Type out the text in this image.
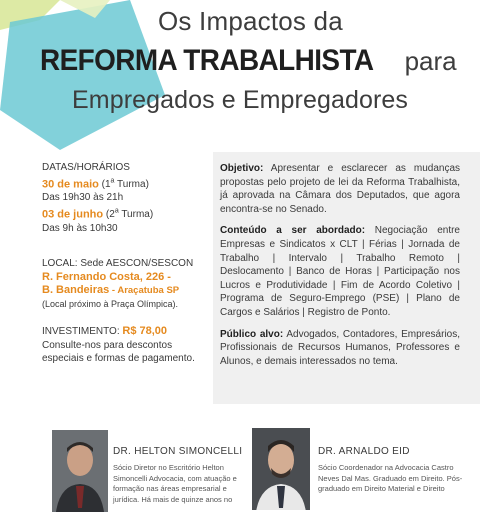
Os Impactos da
REFORMA TRABALHISTA para
Empregados e Empregadores
DATAS/HORÁRIOS
30 de maio (1$^a$ Turma)
Das 19h30 às 21h
03 de junho (2$^a$ Turma)
Das 9h às 10h30
LOCAL: Sede AESCON/SESCON
R. Fernando Costa, 226 -
B. Bandeiras - Araçatuba SP
(Local próximo à Praça Olímpica).
INVESTIMENTO: R$ 78,00
Consulte-nos para descontos especiais e formas de pagamento.

Objetivo: Apresentar e esclarecer as mudanças propostas pelo projeto de lei da Reforma Trabalhista, já aprovada na Câmara dos Deputados, que agora encontra-se no Senado.

Conteúdo a ser abordado: Negociação entre Empresas e Sindicatos x CLT | Férias | Jornada de Trabalho | Intervalo | Trabalho Remoto | Deslocamento | Banco de Horas | Participação nos Lucros e Produtividade | Fim de Acordo Coletivo | Programa de Seguro-Emprego (PSE) | Plano de Cargos e Salários | Registro de Ponto.

Público alvo: Advogados, Contadores, Empresários, Profissionais de Recursos Humanos, Professores e Alunos, e demais interessados no tema.

DR. HELTON SIMONCELLI
Sócio Diretor no Escritório Helton Simoncelli Advocacia, com atuação e formação nas áreas empresarial e jurídica. Há mais de quinze anos no
DR. ARNALDO EID
Sócio Coordenador na Advocacia Castro Neves Dal Mas. Graduado em Direito. Pós-graduado em Direito Material e Direito
